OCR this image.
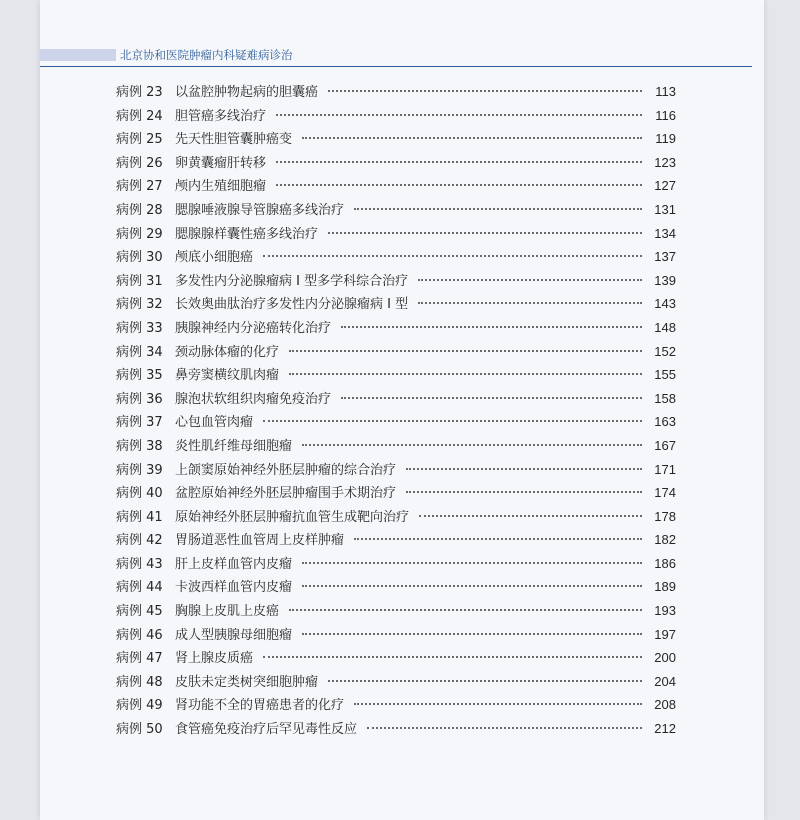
北京协和医院肿瘤内科疑难病诊治
病例 23 以盆腔肿物起病的胆囊癌	113
病例 24 胆管癌多线治疗	116
病例 25 先天性胆管囊肿癌变	119
病例 26 卵黄囊瘤肝转移	123
病例 27 颅内生殖细胞瘤	127
病例 28 腮腺唾液腺导管腺癌多线治疗	131
病例 29 腮腺腺样囊性癌多线治疗	134
病例 30 颅底小细胞癌	137
病例 31 多发性内分泌腺瘤病 Ⅰ 型多学科综合治疗	139
病例 32 长效奥曲肽治疗多发性内分泌腺瘤病 Ⅰ 型	143
病例 33 胰腺神经内分泌癌转化治疗	148
病例 34 颈动脉体瘤的化疗	152
病例 35 鼻旁窦横纹肌肉瘤	155
病例 36 腺泡状软组织肉瘤免疫治疗	158
病例 37 心包血管肉瘤	163
病例 38 炎性肌纤维母细胞瘤	167
病例 39 上颌窦原始神经外胚层肿瘤的综合治疗	171
病例 40 盆腔原始神经外胚层肿瘤围手术期治疗	174
病例 41 原始神经外胚层肿瘤抗血管生成靶向治疗	178
病例 42 胃肠道恶性血管周上皮样肿瘤	182
病例 43 肝上皮样血管内皮瘤	186
病例 44 卡波西样血管内皮瘤	189
病例 45 胸腺上皮肌上皮癌	193
病例 46 成人型胰腺母细胞瘤	197
病例 47 肾上腺皮质癌	200
病例 48 皮肤未定类树突细胞肿瘤	204
病例 49 肾功能不全的胃癌患者的化疗	208
病例 50 食管癌免疫治疗后罕见毒性反应	212
